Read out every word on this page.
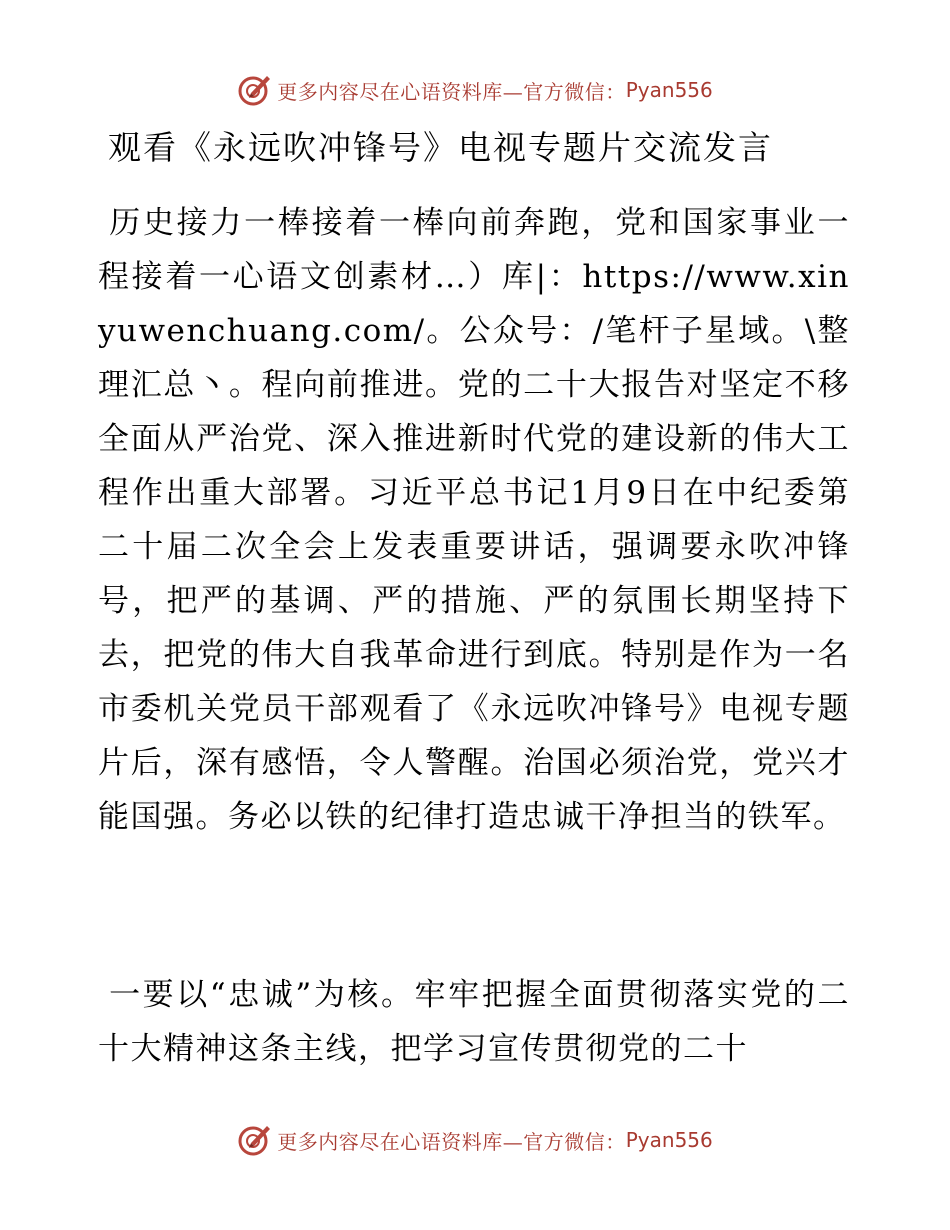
更多内容尽在心语资料库—官方微信： Pyan556
观看《永远吹冲锋号》电视专题片交流发言
历史接力一棒接着一棒向前奔跑，党和国家事业一程接着一心语文创素材…）库|：https://www.xinyuwenchuang.com/。公众号：/笔杆子星域。\整理汇总丶。程向前推进。党的二十大报告对坚定不移全面从严治党、深入推进新时代党的建设新的伟大工程作出重大部署。习近平总书记1月9日在中纪委第二十届二次全会上发表重要讲话，强调要永吹冲锋号，把严的基调、严的措施、严的氛围长期坚持下去，把党的伟大自我革命进行到底。特别是作为一名市委机关党员干部观看了《永远吹冲锋号》电视专题片后，深有感悟，令人警醒。治国必须治党，党兴才能国强。务必以铁的纪律打造忠诚干净担当的铁军。
一要以“忠诚”为核。牢牢把握全面贯彻落实党的二十大精神这条主线，把学习宣传贯彻党的二十
更多内容尽在心语资料库—官方微信： Pyan556
